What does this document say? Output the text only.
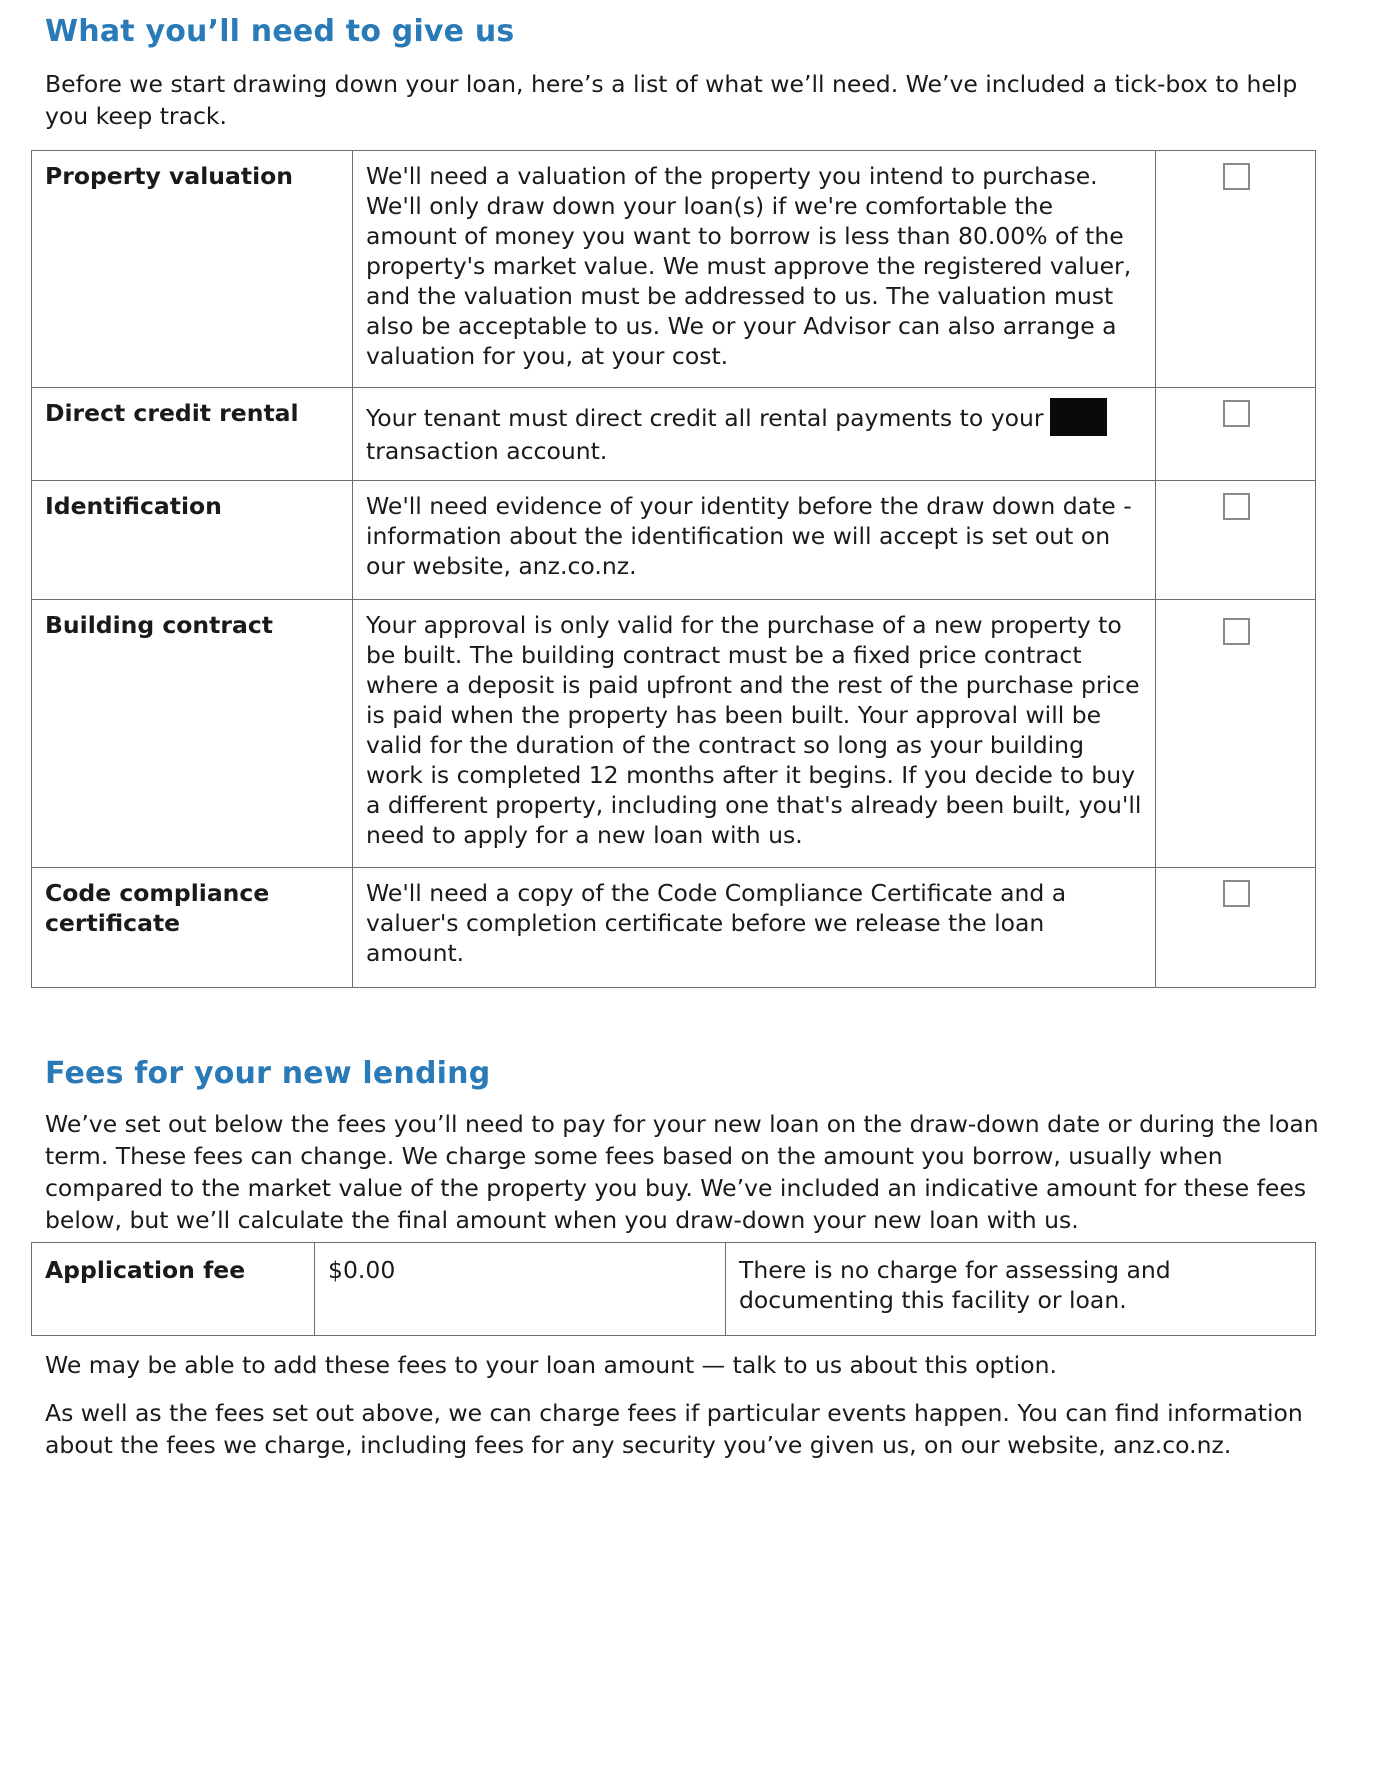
What you’ll need to give us

Before we start drawing down your loan, here’s a list of what we’ll need. We’ve included a tick-box to help you keep track.

Property valuation	We'll need a valuation of the property you intend to purchase. We'll only draw down your loan(s) if we're comfortable the amount of money you want to borrow is less than 80.00% of the property's market value. We must approve the registered valuer, and the valuation must be addressed to us. The valuation must also be acceptable to us. We or your Advisor can also arrange a valuation for you, at your cost.	
Direct credit rental	Your tenant must direct credit all rental payments to your transaction account.	
Identification	We'll need evidence of your identity before the draw down date - information about the identification we will accept is set out on our website, anz.co.nz.	
Building contract	Your approval is only valid for the purchase of a new property to be built. The building contract must be a fixed price contract where a deposit is paid upfront and the rest of the purchase price is paid when the property has been built. Your approval will be valid for the duration of the contract so long as your building work is completed 12 months after it begins. If you decide to buy a different property, including one that's already been built, you'll need to apply for a new loan with us.	
Code compliance certificate	We'll need a copy of the Code Compliance Certificate and a valuer's completion certificate before we release the loan amount.	
Fees for your new lending

We’ve set out below the fees you’ll need to pay for your new loan on the draw-down date or during the loan term. These fees can change. We charge some fees based on the amount you borrow, usually when compared to the market value of the property you buy. We’ve included an indicative amount for these fees below, but we’ll calculate the final amount when you draw-down your new loan with us.

Application fee	$0.00	There is no charge for assessing and documenting this facility or loan.

We may be able to add these fees to your loan amount — talk to us about this option.

As well as the fees set out above, we can charge fees if particular events happen. You can find information about the fees we charge, including fees for any security you’ve given us, on our website, anz.co.nz.
